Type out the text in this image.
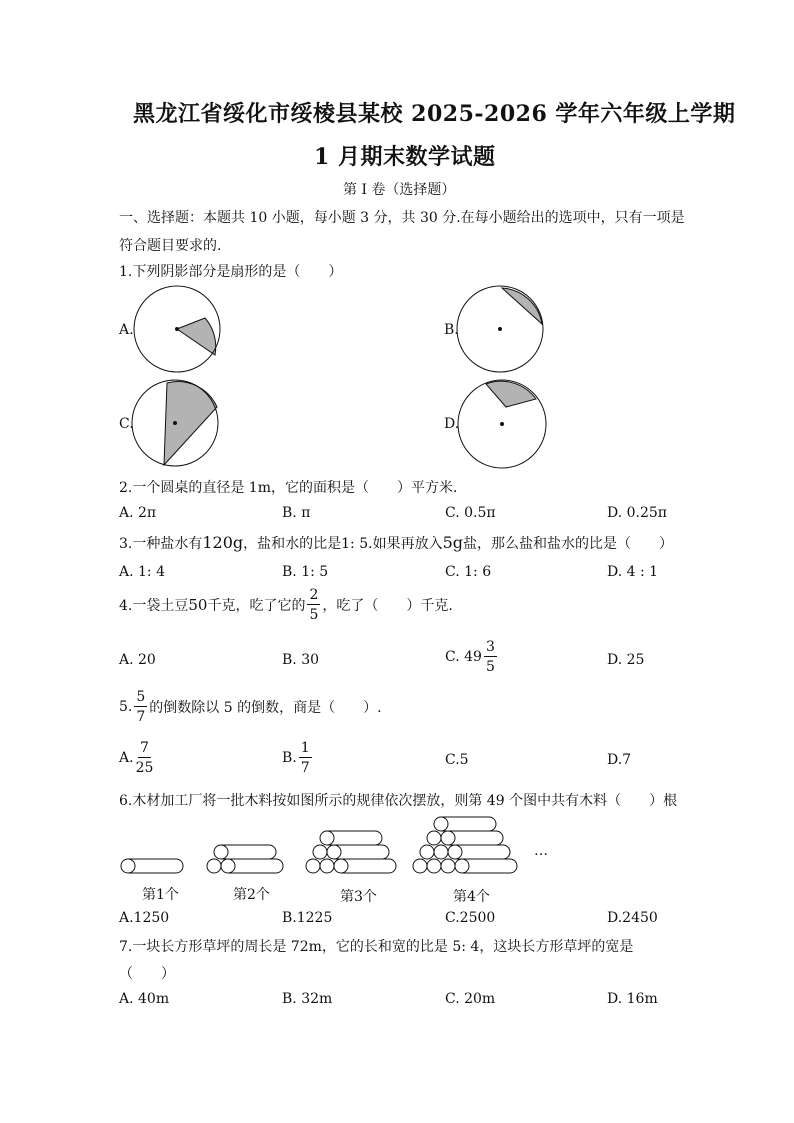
黑龙江省绥化市绥棱县某校 2025-2026 学年六年级上学期
1 月期末数学试题
第 I 卷（选择题）
一、选择题：本题共 10 小题，每小题 3 分，共 30 分.在每小题给出的选项中，只有一项是
符合题目要求的.
1.下列阴影部分是扇形的是（　　）
A.	B.
C.	D.
2.一个圆桌的直径是 1m，它的面积是（　　）平方米.
A. 2π	B. π	C. 0.5π	D. 0.25π
3.一种盐水有120g，盐和水的比是1: 5.如果再放入5g盐，那么盐和盐水的比是（　　）
A. 1: 4	B. 1: 5	C. 1: 6	D. 4 : 1
4.一袋土豆 50 千克，吃了它的 $\frac{2}{5}$ ，吃了（　　）千克.
A. 20	B. 30	C. $49 \frac{3}{5}$	D. 25
5. $\frac{5}{7}$ 的倒数除以 5 的倒数，商是（　　）.
A. $\frac{7}{25}$	B. $\frac{1}{7}$	C.5	D.7
6.木材加工厂将一批木料按如图所示的规律依次摆放，则第 49 个图中共有木料（　　）根
第1个	第2个	第3个	第4个
…
A.1250	B.1225	C.2500	D.2450
7.一块长方形草坪的周长是 72m，它的长和宽的比是 5: 4，这块长方形草坪的宽是
（　　）
A. 40m	B. 32m	C. 20m	D. 16m
